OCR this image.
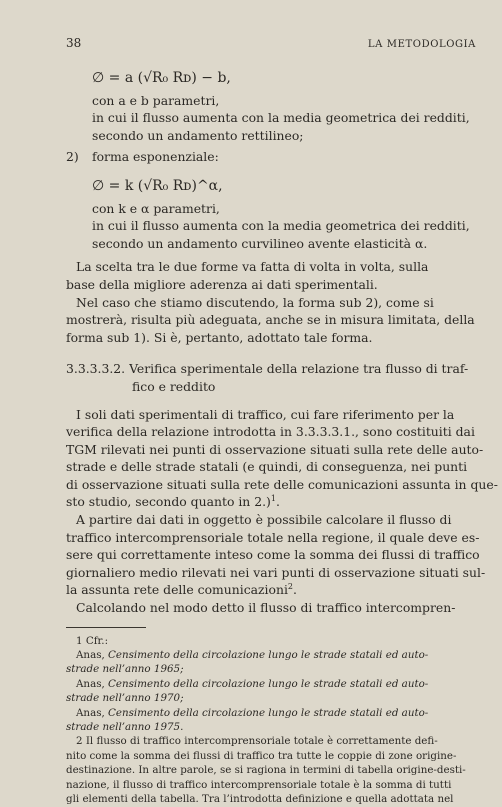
38	LA METODOLOGIA
∅ = a (√R₀ Rᴅ) − b,
con a e b parametri,
in cui il flusso aumenta con la media geometrica dei redditi,
secondo un andamento rettilineo;
2) forma esponenziale:
∅ = k (√R₀ Rᴅ)^α,
con k e α parametri,
in cui il flusso aumenta con la media geometrica dei redditi,
secondo un andamento curvilineo avente elasticità α.
La scelta tra le due forme va fatta di volta in volta, sulla
base della migliore aderenza ai dati sperimentali.
Nel caso che stiamo discutendo, la forma sub 2), come si
mostrerà, risulta più adeguata, anche se in misura limitata, della
forma sub 1). Si è, pertanto, adottato tale forma.
3.3.3.3.2. Verifica sperimentale della relazione tra flusso di traf-
fico e reddito
I soli dati sperimentali di traffico, cui fare riferimento per la
verifica della relazione introdotta in 3.3.3.3.1., sono costituiti dai
TGM rilevati nei punti di osservazione situati sulla rete delle auto-
strade e delle strade statali (e quindi, di conseguenza, nei punti
di osservazione situati sulla rete delle comunicazioni assunta in que-
sto studio, secondo quanto in 2.)$^1$.
A partire dai dati in oggetto è possibile calcolare il flusso di
traffico intercomprensoriale totale nella regione, il quale deve es-
sere qui correttamente inteso come la somma dei flussi di traffico
giornaliero medio rilevati nei vari punti di osservazione situati sul-
la assunta rete delle comunicazioni$^2$.
Calcolando nel modo detto il flusso di traffico intercompren-
1 Cfr.:
Anas, Censimento della circolazione lungo le strade statali ed auto-
strade nell’anno 1965;
Anas, Censimento della circolazione lungo le strade statali ed auto-
strade nell’anno 1970;
Anas, Censimento della circolazione lungo le strade statali ed auto-
strade nell’anno 1975.
2 Il flusso di traffico intercomprensoriale totale è correttamente defi-
nito come la somma dei flussi di traffico tra tutte le coppie di zone origine-
destinazione. In altre parole, se si ragiona in termini di tabella origine-desti-
nazione, il flusso di traffico intercomprensoriale totale è la somma di tutti
gli elementi della tabella. Tra l’introdotta definizione e quella adottata nel
